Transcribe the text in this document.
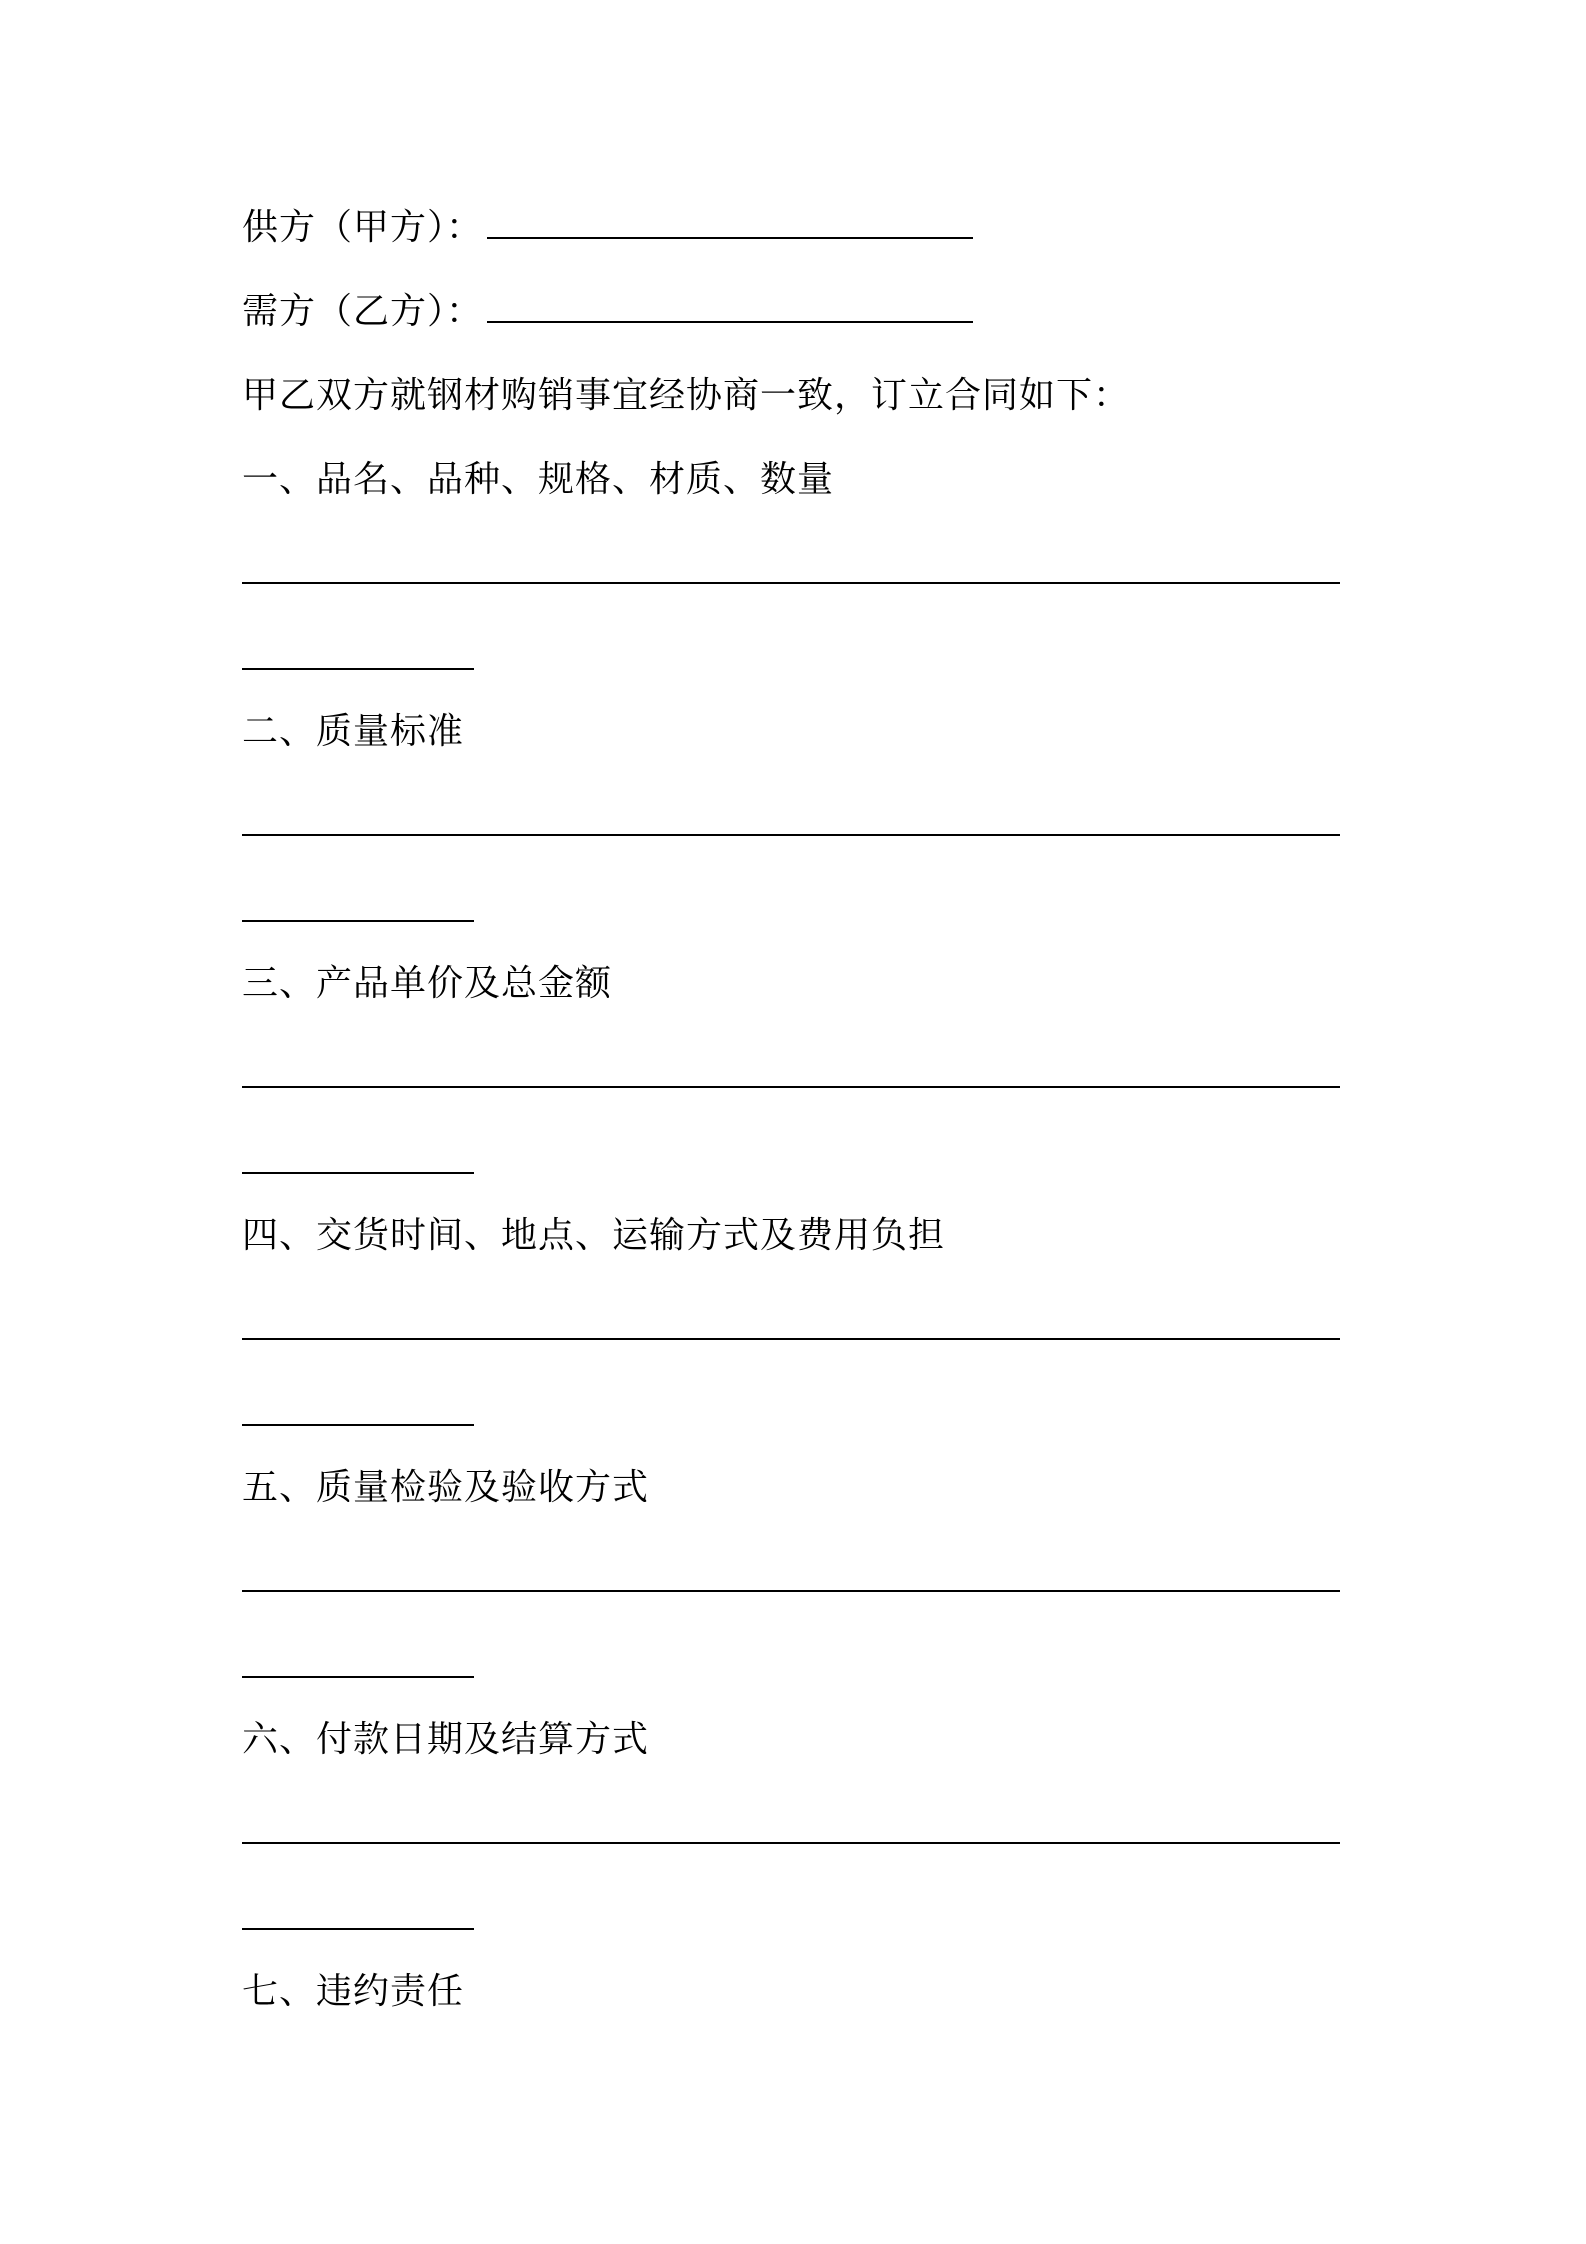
供方（甲方）：
需方（乙方）：
甲乙双方就钢材购销事宜经协商一致，订立合同如下：
一、品名、品种、规格、材质、数量
二、质量标准
三、产品单价及总金额
四、交货时间、地点、运输方式及费用负担
五、质量检验及验收方式
六、付款日期及结算方式
七、违约责任
